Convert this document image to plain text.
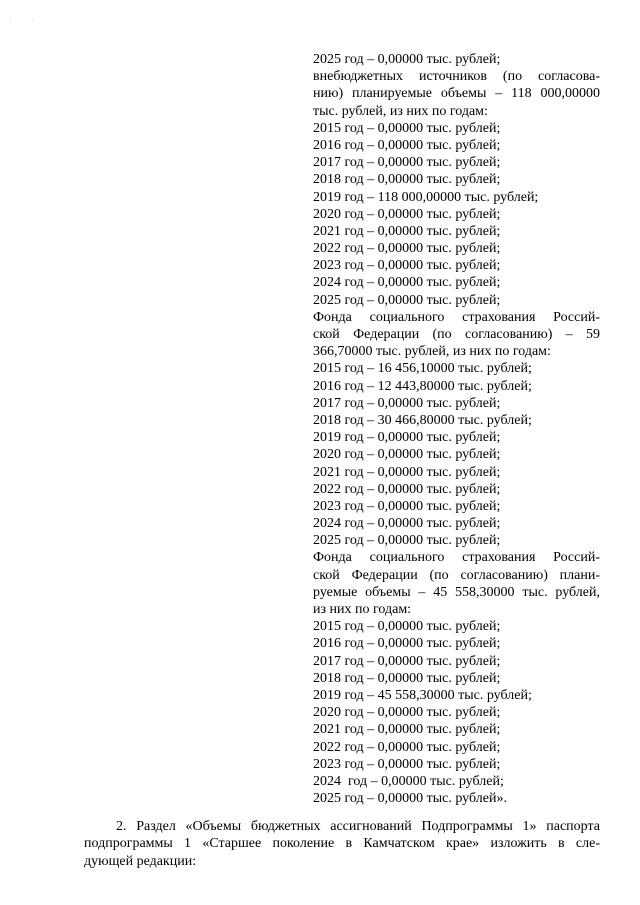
' '
2025 год – 0,00000 тыс. рублей;
внебюджетных источников (по согласова-
нию) планируемые объемы – 118 000,00000
тыс. рублей, из них по годам:
2015 год – 0,00000 тыс. рублей;
2016 год – 0,00000 тыс. рублей;
2017 год – 0,00000 тыс. рублей;
2018 год – 0,00000 тыс. рублей;
2019 год – 118 000,00000 тыс. рублей;
2020 год – 0,00000 тыс. рублей;
2021 год – 0,00000 тыс. рублей;
2022 год – 0,00000 тыс. рублей;
2023 год – 0,00000 тыс. рублей;
2024 год – 0,00000 тыс. рублей;
2025 год – 0,00000 тыс. рублей;
Фонда социального страхования Россий-
ской Федерации (по согласованию) – 59
366,70000 тыс. рублей, из них по годам:
2015 год – 16 456,10000 тыс. рублей;
2016 год – 12 443,80000 тыс. рублей;
2017 год – 0,00000 тыс. рублей;
2018 год – 30 466,80000 тыс. рублей;
2019 год – 0,00000 тыс. рублей;
2020 год – 0,00000 тыс. рублей;
2021 год – 0,00000 тыс. рублей;
2022 год – 0,00000 тыс. рублей;
2023 год – 0,00000 тыс. рублей;
2024 год – 0,00000 тыс. рублей;
2025 год – 0,00000 тыс. рублей;
Фонда социального страхования Россий-
ской Федерации (по согласованию) плани-
руемые объемы – 45 558,30000 тыс. рублей,
из них по годам:
2015 год – 0,00000 тыс. рублей;
2016 год – 0,00000 тыс. рублей;
2017 год – 0,00000 тыс. рублей;
2018 год – 0,00000 тыс. рублей;
2019 год – 45 558,30000 тыс. рублей;
2020 год – 0,00000 тыс. рублей;
2021 год – 0,00000 тыс. рублей;
2022 год – 0,00000 тыс. рублей;
2023 год – 0,00000 тыс. рублей;
2024  год – 0,00000 тыс. рублей;
2025 год – 0,00000 тыс. рублей».
2. Раздел «Объемы бюджетных ассигнований Подпрограммы 1» паспорта
подпрограммы 1 «Старшее поколение в Камчатском крае» изложить в сле-
дующей редакции:
